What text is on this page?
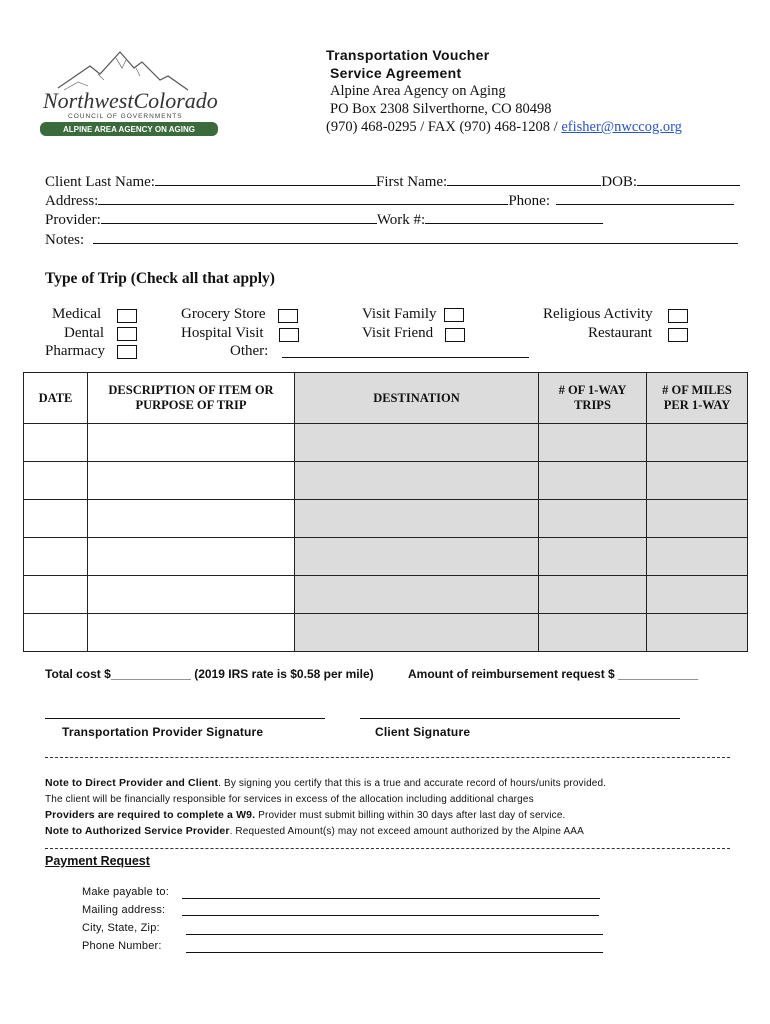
NorthwestColorado
COUNCIL OF GOVERNMENTS
ALPINE AREA AGENCY ON AGING
Transportation Voucher
Service Agreement
Alpine Area Agency on Aging
PO Box 2308 Silverthorne, CO 80498
(970) 468-0295 / FAX (970) 468-1208 / efisher@nwccog.org
Client Last Name:	First Name:	DOB:
Address:	Phone:
Provider:	Work #:
Notes:
Type of Trip (Check all that apply)
Medical
Dental
Pharmacy
Grocery Store
Hospital Visit
Other:
Visit Family
Visit Friend
Religious Activity
Restaurant
DATE	DESCRIPTION OF ITEM OR PURPOSE OF TRIP	DESTINATION	# OF 1-WAY TRIPS	# OF MILES PER 1-WAY

Total cost $____________ (2019 IRS rate is $0.58 per mile)	Amount of reimbursement request $ ____________
Transportation Provider Signature	Client Signature
Note to Direct Provider and Client. By signing you certify that this is a true and accurate record of hours/units provided.
The client will be financially responsible for services in excess of the allocation including additional charges
Providers are required to complete a W9. Provider must submit billing within 30 days after last day of service.
Note to Authorized Service Provider. Requested Amount(s) may not exceed amount authorized by the Alpine AAA
Payment Request
Make payable to:
Mailing address:
City, State, Zip:
Phone Number:
